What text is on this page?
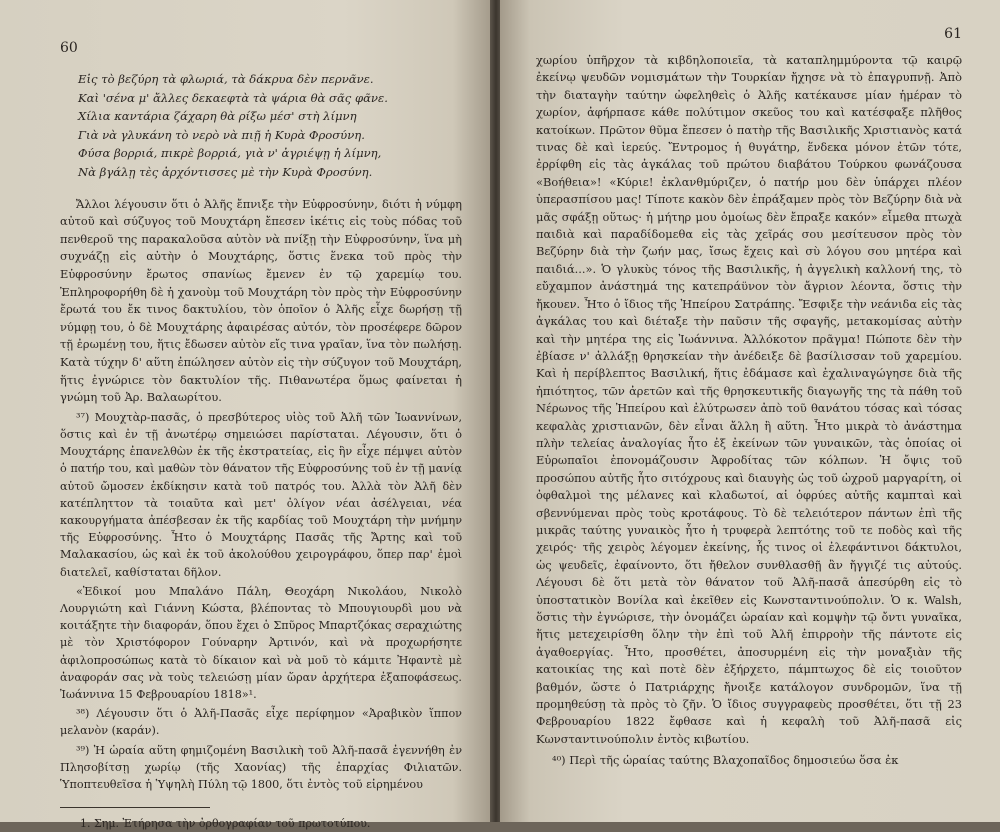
60
Εἰς τὸ βεζύρη τὰ φλωριά, τὰ δάκρυα δὲν περνᾶνε.
Καὶ 'σένα μ' ἄλλες δεκαεφτὰ τὰ ψάρια θὰ σᾶς φᾶνε.
Χίλια καντάρια ζάχαρη θὰ ρίξω μέσ' στὴ λίμνη
Γιὰ νὰ γλυκάνη τὸ νερὸ νὰ πιῇ ἡ Κυρὰ Φροσύνη.
Φύσα βορριά, πικρὲ βορριά, γιὰ ν' ἀγριέψῃ ἡ λίμνη,
Νὰ βγάλῃ τὲς ἀρχόντισσες μὲ τὴν Κυρὰ Φροσύνη.

Ἄλλοι λέγουσιν ὅτι ὁ Ἀλῆς ἔπνιξε τὴν Εὐφροσύνην, διότι ἡ νύμφη αὐτοῦ καὶ σύζυγος τοῦ Μουχτάρη ἔπεσεν ἱκέτις εἰς τοὺς πόδας τοῦ πενθεροῦ της παρακαλοῦσα αὐτὸν νὰ πνίξῃ τὴν Εὐφροσύνην, ἵνα μὴ συχνάζῃ εἰς αὐτὴν ὁ Μουχτάρης, ὅστις ἕνεκα τοῦ πρὸς τὴν Εὐφροσύνην ἔρωτος σπανίως ἔμενεν ἐν τῷ χαρεμίῳ του. Ἐπληροφορήθη δὲ ἡ χανοὺμ τοῦ Μουχτάρη τὸν πρὸς τὴν Εὐφροσύνην ἔρωτά του ἔκ τινος δακτυλίου, τὸν ὁποῖον ὁ Ἀλῆς εἶχε δωρήσῃ τῇ νύμφῃ του, ὁ δὲ Μουχτάρης ἀφαιρέσας αὐτόν, τὸν προσέφερε δῶρον τῇ ἐρωμένῃ του, ἥτις ἔδωσεν αὐτὸν εἴς τινα γραῖαν, ἵνα τὸν πωλήσῃ. Κατὰ τύχην δ' αὕτη ἐπώλησεν αὐτὸν εἰς τὴν σύζυγον τοῦ Μουχτάρη, ἥτις ἐγνώριсε τὸν δακτυλίον τῆς. Πιθανωτέρα ὅμως φαίνεται ἡ γνώμη τοῦ Ἀρ. Βαλαωρίτου.

³⁷) Μουχτὰρ-πασᾶς, ὁ πρεσβύτερος υἱὸς τοῦ Ἀλῆ τῶν Ἰωαννίνων, ὅστις καὶ ἐν τῇ ἀνωτέρῳ σημειώσει παρίσταται. Λέγουσιν, ὅτι ὁ Μουχτάρης ἐπανελθὼν ἐκ τῆς ἐκστρατείας, εἰς ἣν εἶχε πέμψει αὐτὸν ὁ πατήρ του, καὶ μαθὼν τὸν θάνατον τῆς Εὐφροσύνης τοῦ ἐν τῇ μανίᾳ αὐτοῦ ὤμοσεν ἐκδίκησιν κατὰ τοῦ πατρός του. Ἀλλὰ τὸν Ἀλῆ δὲν κατέπληττον τὰ τοιαῦτα καὶ μετ' ὀλίγον νέαι ἀσέλγειαι, νέα κακουργήματα ἀπέσβεσαν ἐκ τῆς καρδίας τοῦ Μουχτάρη τὴν μνήμην τῆς Εὐφροσύνης. Ἦτο ὁ Μουχτάρης Πασᾶς τῆς Ἄρτης καὶ τοῦ Μαλακασίου, ὡς καὶ ἐκ τοῦ ἀκολούθου χειρογράφου, ὅπερ παρ' ἐμοὶ διατελεῖ, καθίσταται δῆλον.

«Ἐδικοί μου Μπαλάνο Πάλη, Θεοχάρη Νικολάου, Νικολὸ Λουργιώτη καὶ Γιάννη Κώστα, βλέποντας τὸ Μπουγιουρδὶ μου νὰ κοιτάξητε τὴν διαφοράν, ὅπου ἔχει ὁ Σπῦρος Μπαρτζόκας σεραχιώτης μὲ τὸν Χριστόφορον Γούναρην Ἀρτινόν, καὶ νὰ προχωρήσητε ἀφιλοπροσώπως κατὰ τὸ δίκαιον καὶ νὰ μοῦ τὸ κάμιτε Ἠφαντὲ μὲ ἀναφοράν σας νὰ τοὺς τελειώσῃ μίαν ὥραν ἀρχήτερα ἐξαποφάσεως. Ἰωάννινα 15 Φεβρουαρίου 1818»¹.

³⁸) Λέγουσιν ὅτι ὁ Ἀλῆ-Πασᾶς εἶχε περίφημον «Ἀραβικὸν ἵππον μελανὸν (καράν).

³⁹) Ἡ ὡραία αὕτη φημιζομένη Βασιλικὴ τοῦ Ἀλῆ-πασᾶ ἐγεννήθη ἐν Πλησοβίτσῃ χωρίῳ (τῆς Χαονίας) τῆς ἐπαρχίας Φιλιατῶν. Ὑποπτευθεῖσα ἡ Ὑψηλὴ Πύλη τῷ 1800, ὅτι ἐντὸς τοῦ εἰρημένου

1. Σημ. Ἐτήρησα τὴν ὀρθογραφίαν τοῦ πρωτοτύπου.
61

χωρίου ὑπῆρχον τὰ κιβδηλοποιεῖα, τὰ καταπλημμύροντα τῷ καιρῷ ἐκείνῳ ψευδῶν νομισμάτων τὴν Τουρκίαν ἤχησε νὰ τὸ ἐπαγρυπνῇ. Ἀπὸ τὴν διαταγὴν ταύτην ὠφεληθεὶς ὁ Ἀλῆς κατέκαυσε μίαν ἡμέραν τὸ χωρίον, ἀφήρπασε κάθε πολύτιμον σκεῦος του καὶ κατέσφαξε πλῆθος κατοίκων. Πρῶτον θῦμα ἔπεσεν ὁ πατὴρ τῆς Βασιλικῆς Χριστιανὸς κατά τινας δὲ καὶ ἱερεύς. Ἔντρομος ἡ θυγάτηρ, ἕνδεκα μόνον ἐτῶν τότε, ἐρρίφθη εἰς τὰς ἀγκάλας τοῦ πρώτου διαβάτου Τούρκου φωνάζουσα «Βοήθεια»! «Κύριε! ἐκλανθμύριζεν, ὁ πατήρ μου δὲν ὑπάρχει πλέον ὑπερασπίσου μας! Τίποτε κακὸν δὲν ἐπράξαμεν πρὸς τὸν Βεζύρην διὰ νὰ μᾶς σφάξῃ οὕτως· ἡ μήτηρ μου ὁμοίως δὲν ἔπραξε κακόν» εἶμεθα πτωχὰ παιδιὰ καὶ παραδίδομεθα εἰς τὰς χεῖράς σου μεσίτευσον πρὸς τὸν Βεζύρην διὰ τὴν ζωήν μας, ἴσως ἔχεις καὶ σὺ λόγου σου μητέρα καὶ παιδιά...». Ὁ γλυκὺς τόνος τῆς Βασιλικῆς, ἡ ἀγγελικὴ καλλονή της, τὸ εὔχαμπον ἀνάστημά της κατεπράϋνον τὸν ἄγριον λέοντα, ὅστις τὴν ἤκουεν. Ἦτο ὁ ἴδιος τῆς Ἠπείρου Σατράπης. Ἔσφιξε τὴν νεάνιδα εἰς τὰς ἀγκάλας του καὶ διέταξε τὴν παῦσιν τῆς σφαγῆς, μετακομίσας αὐτὴν καὶ τὴν μητέρα της εἰς Ἰωάννινα. Ἀλλόκοτον πρᾶγμα! Πώποτε δὲν τὴν ἐβίασε ν' ἀλλάξῃ θρησκείαν τὴν ἀνέδειξε δὲ βασίλισσαν τοῦ χαρεμίου. Καὶ ἡ περίβλεπτος Βασιλική, ἥτις ἐδάμασε καὶ ἐχαλιναγώγησε διὰ τῆς ἠπιότητος, τῶν ἀρετῶν καὶ τῆς θρησκευτικῆς διαγωγῆς της τὰ πάθη τοῦ Νέρωνος τῆς Ἠπείρου καὶ ἐλύτρωσεν ἀπὸ τοῦ θανάτου τόσας καὶ τόσας κεφαλὰς χριστιανῶν, δὲν εἶναι ἄλλη ἢ αὕτη. Ἦτο μικρὰ τὸ ἀνάστημα πλὴν τελείας ἀναλογίας ἦτο ἐξ ἐκείνων τῶν γυναικῶν, τὰς ὁποίας οἱ Εὐρωπαῖοι ἐπονομάζουσιν Ἀφροδίτας τῶν κόλπων. Ἡ ὄψις τοῦ προσώπου αὐτῆς ἦτο σιτόχρους καὶ διαυγὴς ὡς τοῦ ὠχροῦ μαργαρίτη, οἱ ὀφθαλμοὶ της μέλανες καὶ κλαδωτοί, αἱ ὀφρύες αὐτῆς καμπταὶ καὶ σβεννύμεναι πρὸς τοὺς κροτάφους. Τὸ δὲ τελειότερον πάντων ἐπὶ τῆς μικρᾶς ταύτης γυναικὸς ἦτο ἡ τρυφερὰ λεπτότης τοῦ τε ποδὸς καὶ τῆς χειρός· τῆς χειρὸς λέγομεν ἐκείνης, ἧς τινος οἱ ἐλεφάντινοι δάκτυλοι, ὡς ψευδεῖς, ἐφαίνοντο, ὅτι ἤθελον συνθλασθῇ ἂν ἤγγιζέ τις αὐτούς. Λέγουσι δὲ ὅτι μετὰ τὸν θάνατον τοῦ Ἀλῆ-πασᾶ ἀπεσύρθη εἰς τὸ ὑποστατικὸν Βονίλα καὶ ἐκεῖθεν εἰς Κωνσταντινούπολιν. Ὁ κ. Walsh, ὅστις τὴν ἐγνώρισε, τὴν ὀνομάζει ὡραίαν καὶ κομψὴν τῷ ὄντι γυναῖκα, ἥτις μετεχειρίσθη ὅλην τὴν ἐπὶ τοῦ Ἀλῆ ἐπιρροὴν τῆς πάντοτε εἰς ἀγαθοεργίας. Ἦτο, προσθέτει, ἀποσυρμένη εἰς τὴν μοναξιὰν τῆς κατοικίας της καὶ ποτὲ δὲν ἐξήρχετο, πάμπτωχος δὲ εἰς τοιοῦτον βαθμόν, ὥστε ὁ Πατριάρχης ἤνοιξε κατάλογον συνδρομῶν, ἵνα τῇ προμηθεύσῃ τὰ πρὸς τὸ ζῆν. Ὁ ἴδιος συγγραφεὺς προσθέτει, ὅτι τῇ 23 Φεβρουαρίου 1822 ἔφθασε καὶ ἡ κεφαλὴ τοῦ Ἀλῆ-πασᾶ εἰς Κωνσταντινούπολιν ἐντὸς κιβωτίου.

⁴⁰) Περὶ τῆς ὡραίας ταύτης Βλαχοπαῖδος δημοσιεύω ὅσα ἐκ
